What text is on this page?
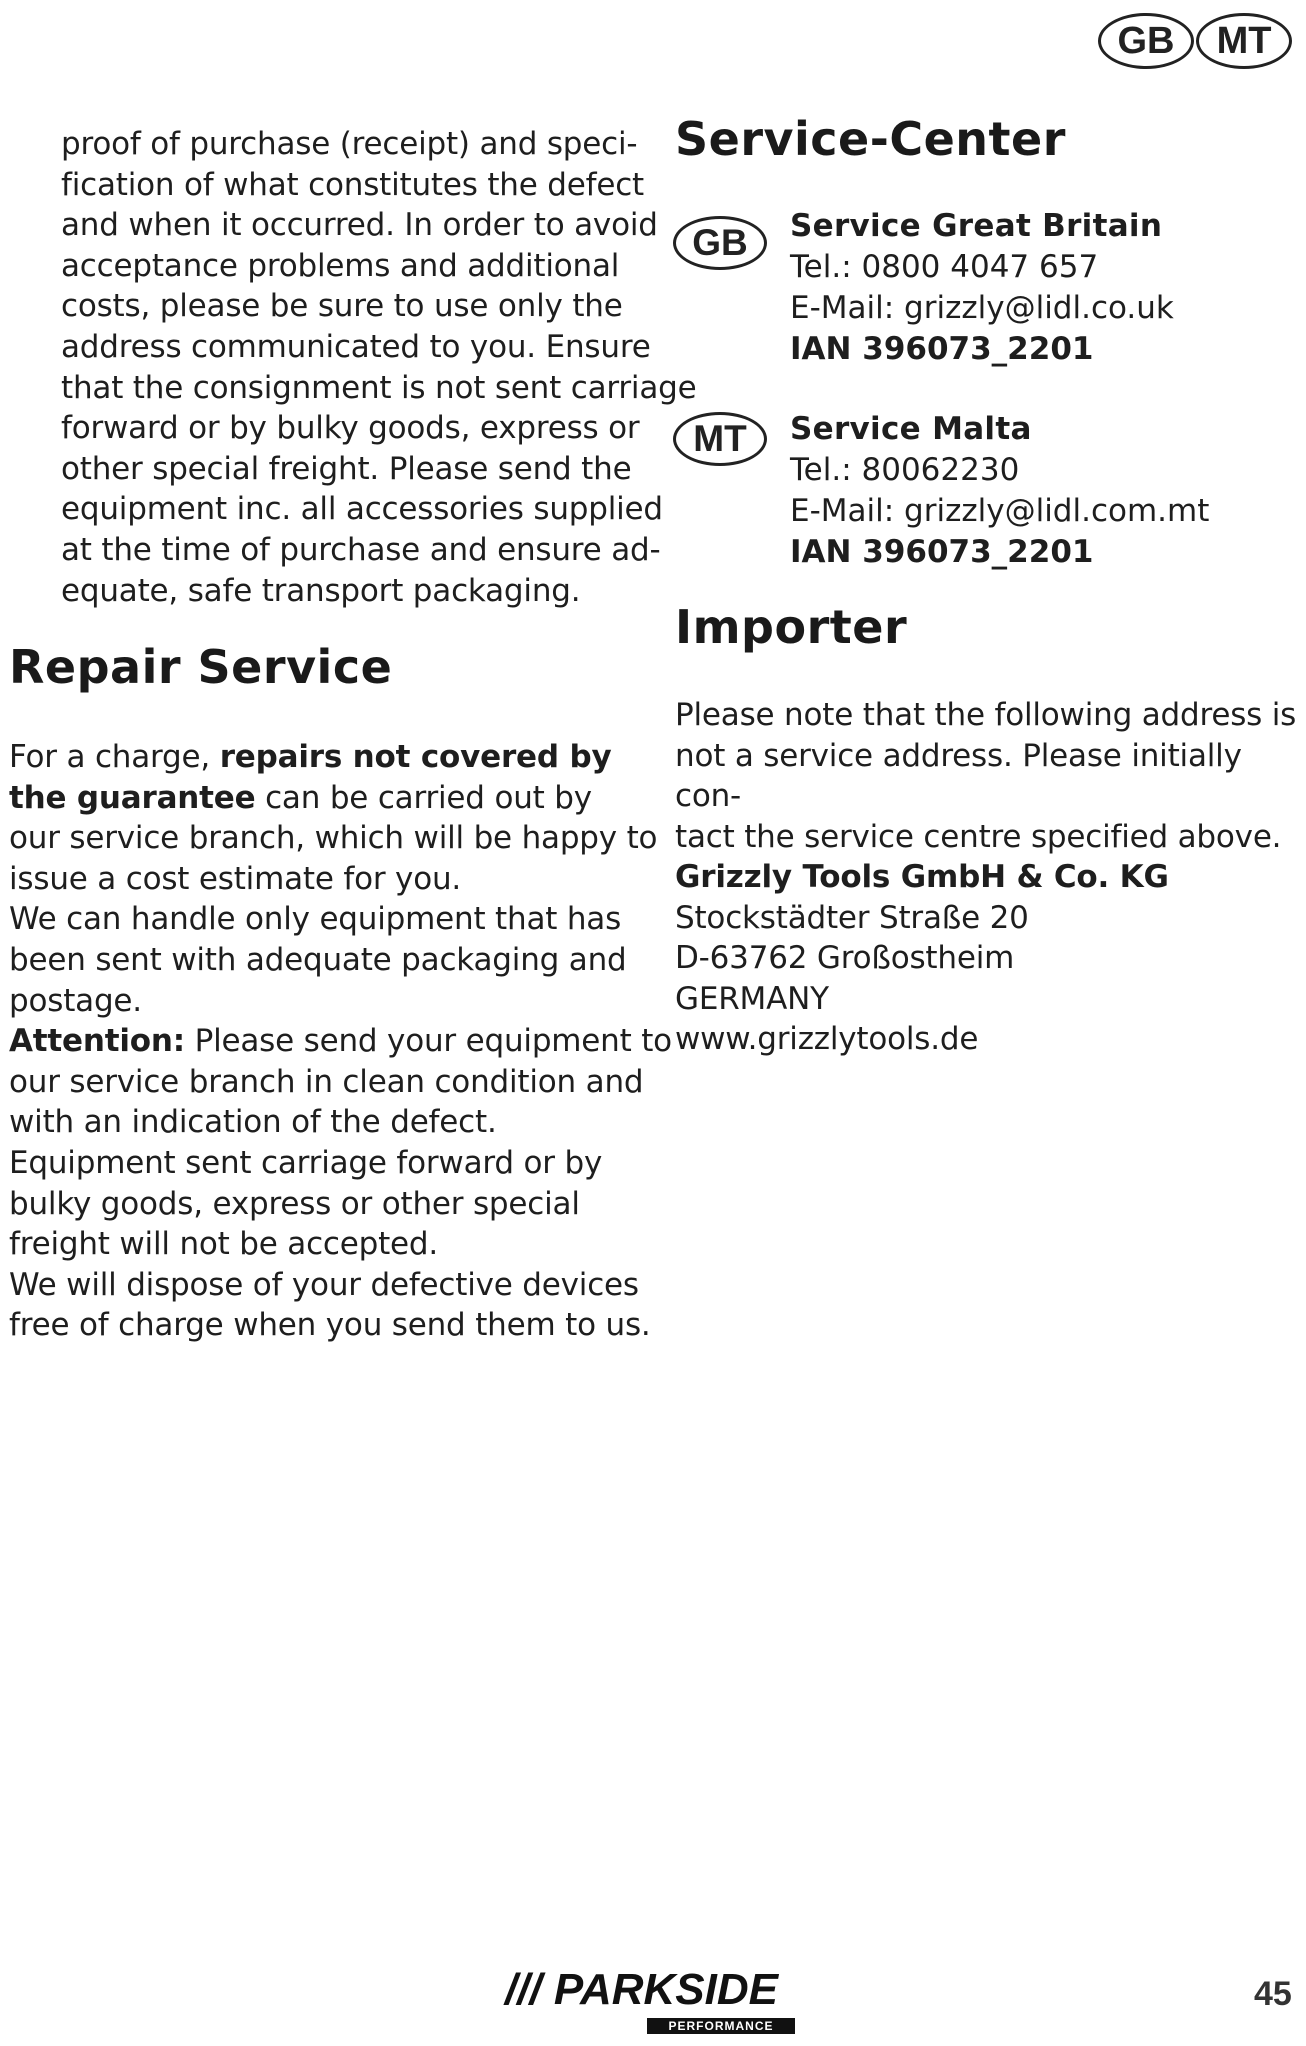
GB	MT

proof of purchase (receipt) and speci-

fication of what constitutes the defect

and when it occurred. In order to avoid

acceptance problems and additional

costs, please be sure to use only the

address communicated to you. Ensure

that the consignment is not sent carriage

forward or by bulky goods, express or

other special freight. Please send the

equipment inc. all accessories supplied

at the time of purchase and ensure ad-

equate, safe transport packaging.

Repair Service

For a charge, repairs not covered by

the guarantee can be carried out by

our service branch, which will be happy to

issue a cost estimate for you.

We can handle only equipment that has

been sent with adequate packaging and

postage.

Attention: Please send your equipment to

our service branch in clean condition and

with an indication of the defect.

Equipment sent carriage forward or by

bulky goods, express or other special

freight will not be accepted.

We will dispose of your defective devices

free of charge when you send them to us.

Service-Center
GB	Service Great Britain
Tel.: 0800 4047 657
E-Mail: grizzly@lidl.co.uk
IAN 396073_2201
MT	Service Malta
Tel.: 80062230
E-Mail: grizzly@lidl.com.mt
IAN 396073_2201
Importer

Please note that the following address is

not a service address. Please initially con-

tact the service centre specified above.

Grizzly Tools GmbH & Co. KG

Stockstädter Straße 20

D-63762 Großostheim

GERMANY

www.grizzlytools.de

/// PARKSIDE
PERFORMANCE
45
